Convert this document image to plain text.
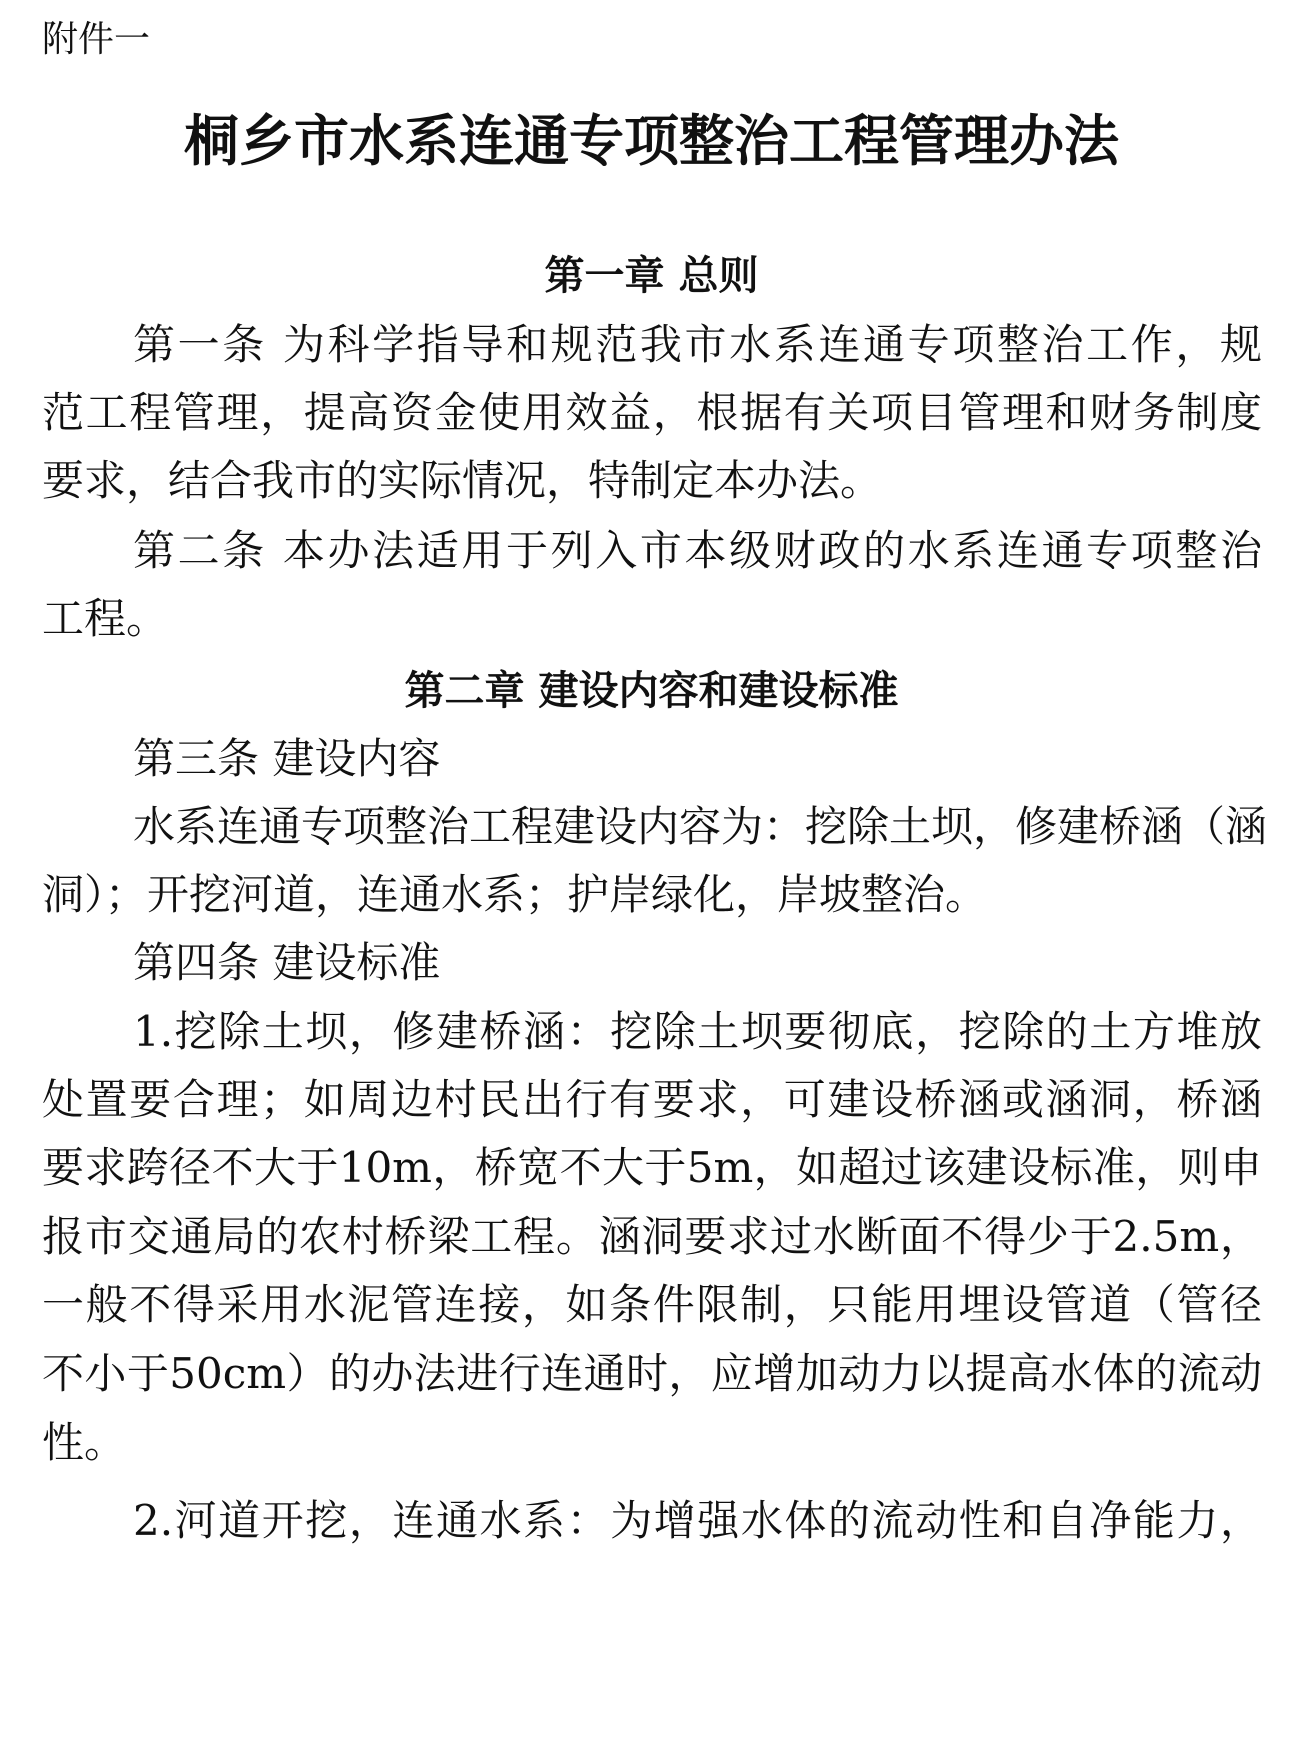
附件一
桐乡市水系连通专项整治工程管理办法
第一章 总则
第一条 为科学指导和规范我市水系连通专项整治工作，规
范工程管理，提高资金使用效益，根据有关项目管理和财务制度
要求，结合我市的实际情况，特制定本办法。
第二条 本办法适用于列入市本级财政的水系连通专项整治
工程。
第二章 建设内容和建设标准
第三条 建设内容
水系连通专项整治工程建设内容为：挖除土坝，修建桥涵（涵
洞）；开挖河道，连通水系；护岸绿化，岸坡整治。
第四条 建设标准
1.挖除土坝，修建桥涵：挖除土坝要彻底，挖除的土方堆放
处置要合理；如周边村民出行有要求，可建设桥涵或涵洞，桥涵
要求跨径不大于10m，桥宽不大于5m，如超过该建设标准，则申
报市交通局的农村桥梁工程。涵洞要求过水断面不得少于2.5m，
一般不得采用水泥管连接，如条件限制，只能用埋设管道（管径
不小于50cm）的办法进行连通时，应增加动力以提高水体的流动
性。
2.河道开挖，连通水系：为增强水体的流动性和自净能力，
